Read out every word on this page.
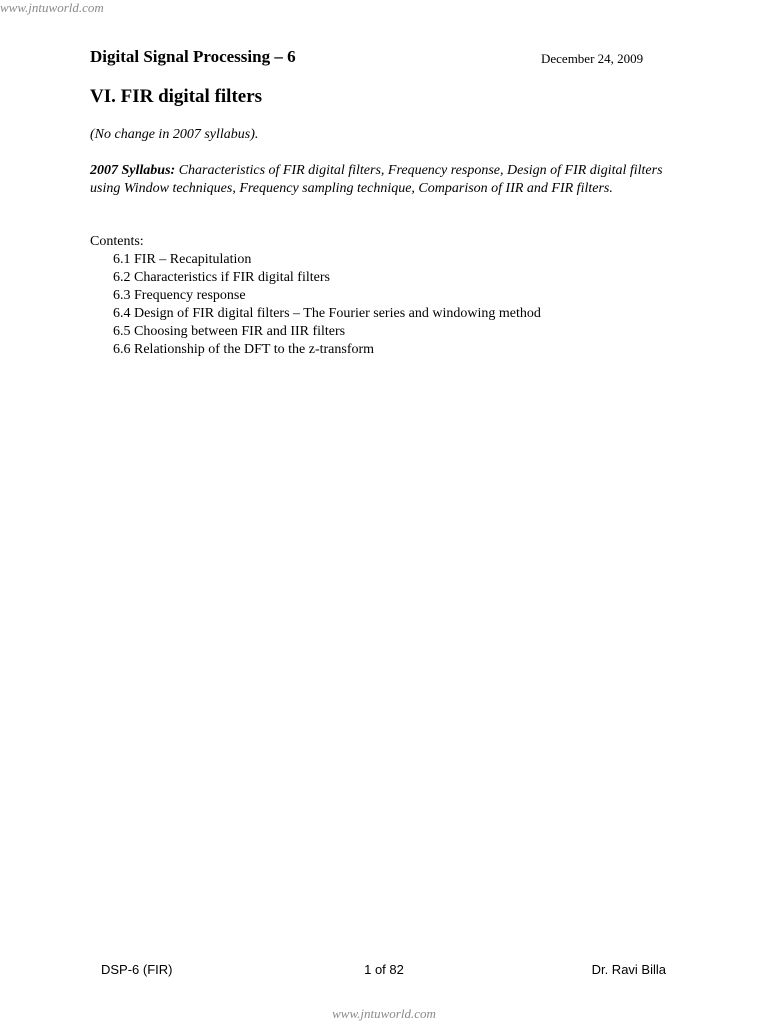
www.jntuworld.com
Digital Signal Processing – 6	December 24, 2009
VI. FIR digital filters
(No change in 2007 syllabus).
2007 Syllabus: Characteristics of FIR digital filters, Frequency response, Design of FIR digital filters using Window techniques, Frequency sampling technique, Comparison of IIR and FIR filters.
Contents:
6.1 FIR – Recapitulation
6.2 Characteristics if FIR digital filters
6.3 Frequency response
6.4 Design of FIR digital filters – The Fourier series and windowing method
6.5 Choosing between FIR and IIR filters
6.6 Relationship of the DFT to the z-transform
DSP-6 (FIR)	1 of 82	Dr. Ravi Billa
www.jntuworld.com
